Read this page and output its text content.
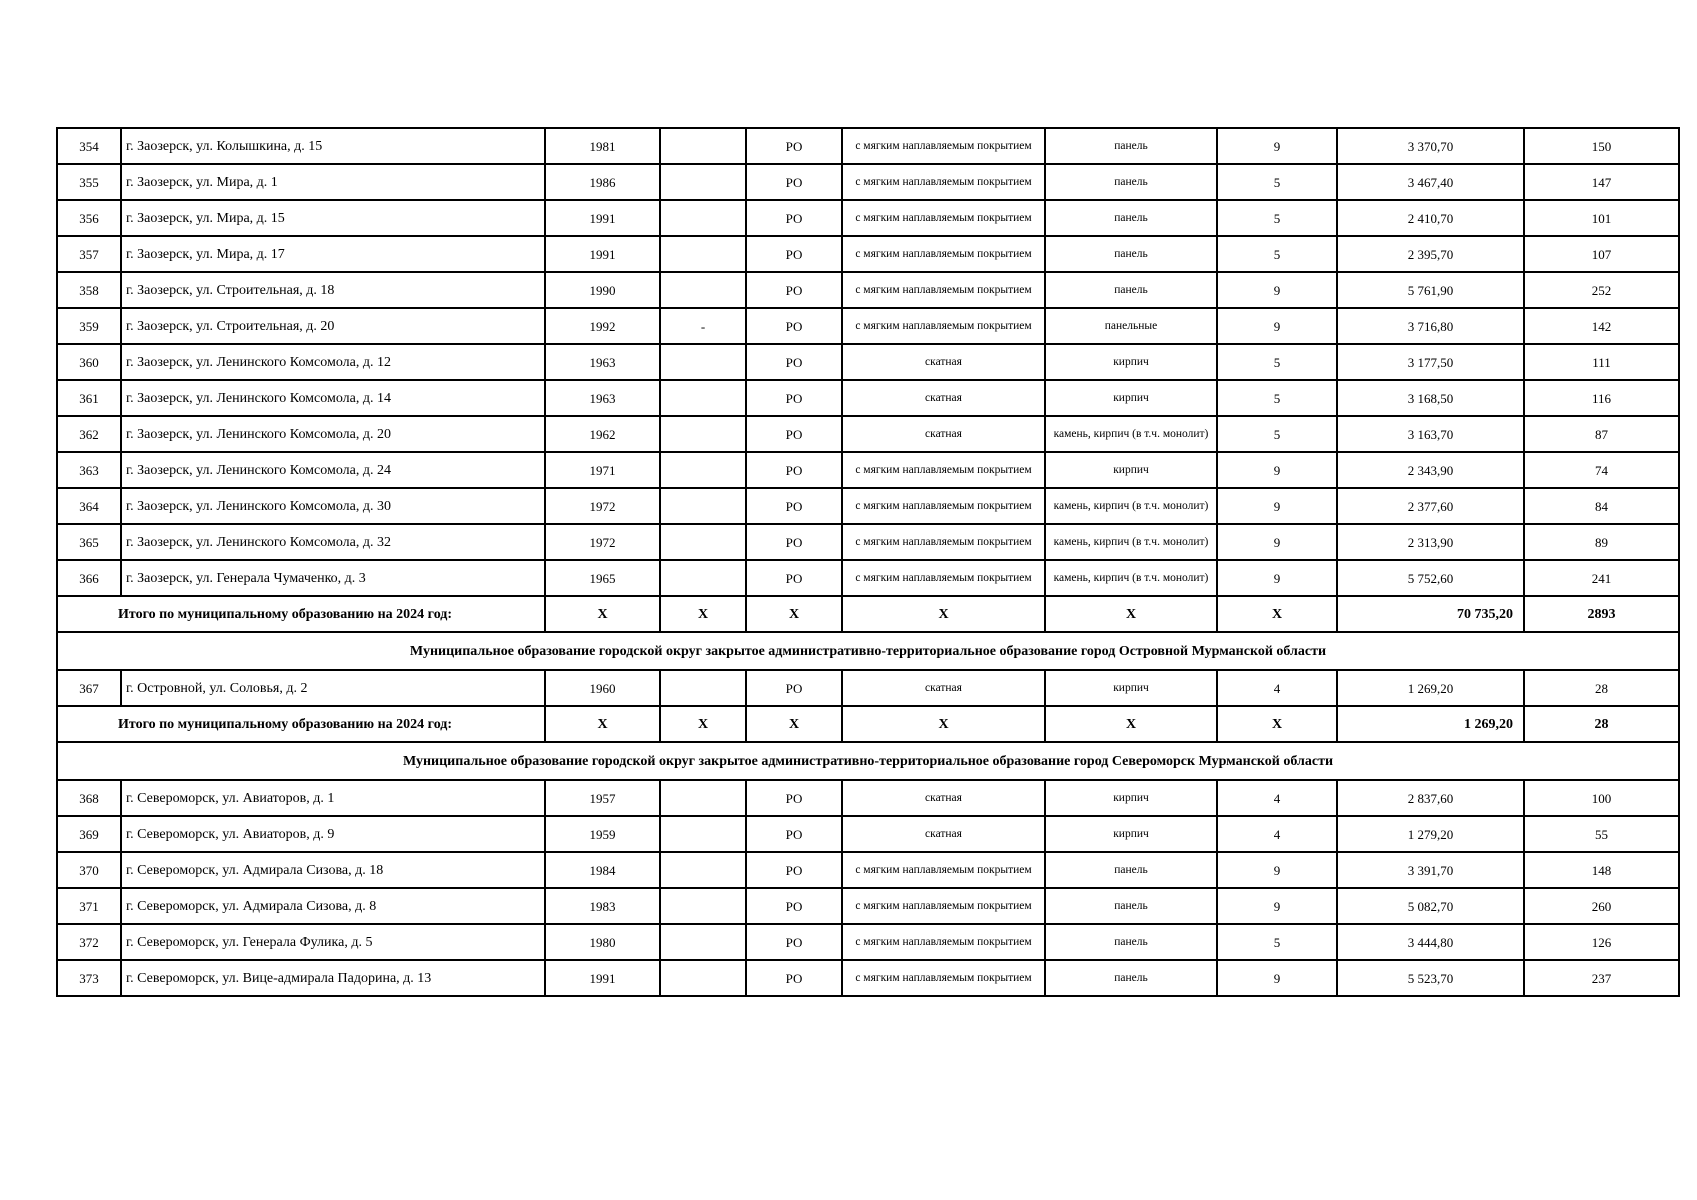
354	г. Заозерск, ул. Колышкина, д. 15	1981		РО	с мягким наплавляемым покрытием	панель	9	3 370,70	150
355	г. Заозерск, ул. Мира, д. 1	1986		РО	с мягким наплавляемым покрытием	панель	5	3 467,40	147
356	г. Заозерск, ул. Мира, д. 15	1991		РО	с мягким наплавляемым покрытием	панель	5	2 410,70	101
357	г. Заозерск, ул. Мира, д. 17	1991		РО	с мягким наплавляемым покрытием	панель	5	2 395,70	107
358	г. Заозерск, ул. Строительная, д. 18	1990		РО	с мягким наплавляемым покрытием	панель	9	5 761,90	252
359	г. Заозерск, ул. Строительная, д. 20	1992	-	РО	с мягким наплавляемым покрытием	панельные	9	3 716,80	142
360	г. Заозерск, ул. Ленинского Комсомола, д. 12	1963		РО	скатная	кирпич	5	3 177,50	111
361	г. Заозерск, ул. Ленинского Комсомола, д. 14	1963		РО	скатная	кирпич	5	3 168,50	116
362	г. Заозерск, ул. Ленинского Комсомола, д. 20	1962		РО	скатная	камень, кирпич (в т.ч. монолит)	5	3 163,70	87
363	г. Заозерск, ул. Ленинского Комсомола, д. 24	1971		РО	с мягким наплавляемым покрытием	кирпич	9	2 343,90	74
364	г. Заозерск, ул. Ленинского Комсомола, д. 30	1972		РО	с мягким наплавляемым покрытием	камень, кирпич (в т.ч. монолит)	9	2 377,60	84
365	г. Заозерск, ул. Ленинского Комсомола, д. 32	1972		РО	с мягким наплавляемым покрытием	камень, кирпич (в т.ч. монолит)	9	2 313,90	89
366	г. Заозерск, ул. Генерала Чумаченко, д. 3	1965		РО	с мягким наплавляемым покрытием	камень, кирпич (в т.ч. монолит)	9	5 752,60	241
Итого по муниципальному образованию на 2024 год:		X	X	X	X	X	X	70 735,20	2893
Муниципальное образование городской округ закрытое административно-территориальное образование город Островной Мурманской области									
367	г. Островной, ул. Соловья, д. 2	1960		РО	скатная	кирпич	4	1 269,20	28
Итого по муниципальному образованию на 2024 год:		X	X	X	X	X	X	1 269,20	28
Муниципальное образование городской округ закрытое административно-территориальное образование город Североморск Мурманской области									
368	г. Североморск, ул. Авиаторов, д. 1	1957		РО	скатная	кирпич	4	2 837,60	100
369	г. Североморск, ул. Авиаторов, д. 9	1959		РО	скатная	кирпич	4	1 279,20	55
370	г. Североморск, ул. Адмирала Сизова, д. 18	1984		РО	с мягким наплавляемым покрытием	панель	9	3 391,70	148
371	г. Североморск, ул. Адмирала Сизова, д. 8	1983		РО	с мягким наплавляемым покрытием	панель	9	5 082,70	260
372	г. Североморск, ул. Генерала Фулика, д. 5	1980		РО	с мягким наплавляемым покрытием	панель	5	3 444,80	126
373	г. Североморск, ул. Вице-адмирала Падорина, д. 13	1991		РО	с мягким наплавляемым покрытием	панель	9	5 523,70	237
